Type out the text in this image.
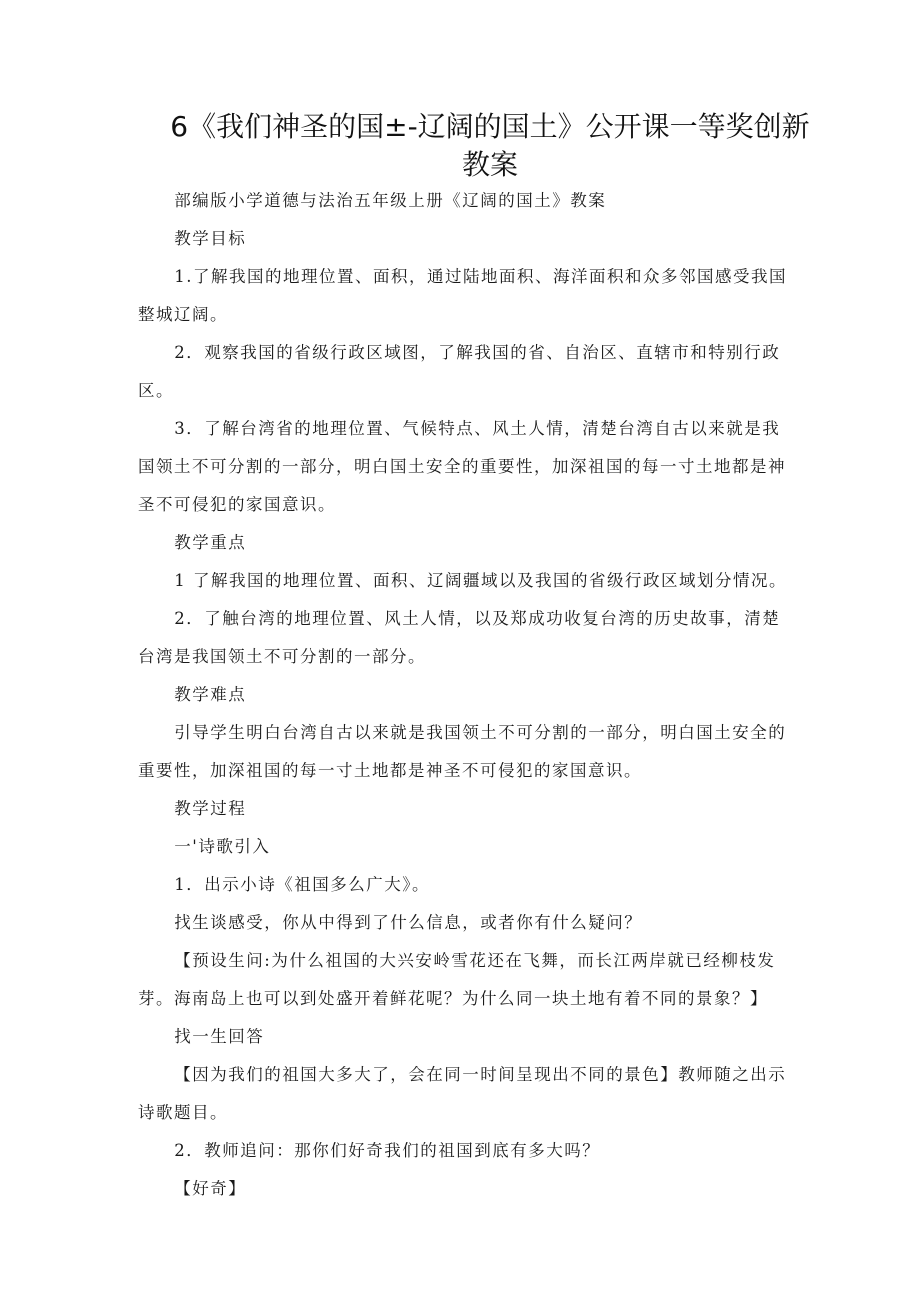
6《我们神圣的国±-辽阔的国土》公开课一等奖创新教案

部编版小学道德与法治五年级上册《辽阔的国土》教案

教学目标

1.了解我国的地理位置、面积，通过陆地面积、海洋面积和众多邻国感受我国整城辽阔。

2．观察我国的省级行政区域图，了解我国的省、自治区、直辖市和特别行政区。

3．了解台湾省的地理位置、气候特点、风土人情，清楚台湾自古以来就是我国领土不可分割的一部分，明白国土安全的重要性，加深祖国的每一寸土地都是神圣不可侵犯的家国意识。

教学重点

1 了解我国的地理位置、面积、辽阔疆域以及我国的省级行政区域划分情况。

2．了触台湾的地理位置、风土人情，以及郑成功收复台湾的历史故事，清楚台湾是我国领土不可分割的一部分。

教学难点

引导学生明白台湾自古以来就是我国领土不可分割的一部分，明白国土安全的重要性，加深祖国的每一寸土地都是神圣不可侵犯的家国意识。

教学过程

一'诗歌引入

1．出示小诗《祖国多么广大》。

找生谈感受，你从中得到了什么信息，或者你有什么疑问？

【预设生问:为什么祖国的大兴安岭雪花还在飞舞，而长江两岸就已经柳枝发芽。海南岛上也可以到处盛开着鲜花呢？为什么同一块土地有着不同的景象？】

找一生回答

【因为我们的祖国大多大了，会在同一时间呈现出不同的景色】教师随之出示诗歌题目。

2．教师追问：那你们好奇我们的祖国到底有多大吗？

【好奇】
